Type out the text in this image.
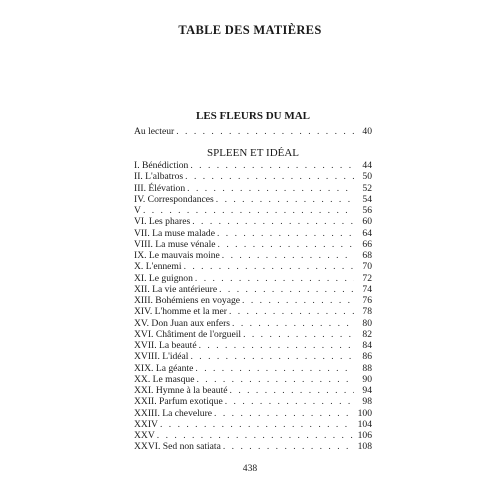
TABLE DES MATIÈRES
LES FLEURS DU MAL
Au lecteur . . .	40
SPLEEN ET IDÉAL
I. Bénédiction . . .	44
II. L'albatros . . .	50
III. Élévation . . .	52
IV. Correspondances . . .	54
V . . .	56
VI. Les phares . . .	60
VII. La muse malade . . .	64
VIII. La muse vénale . . .	66
IX. Le mauvais moine . . .	68
X. L'ennemi . . .	70
XI. Le guignon . . .	72
XII. La vie antérieure . . .	74
XIII. Bohémiens en voyage . . .	76
XIV. L'homme et la mer . . .	78
XV. Don Juan aux enfers . . .	80
XVI. Châtiment de l'orgueil . . .	82
XVII. La beauté . . .	84
XVIII. L'idéal . . .	86
XIX. La géante . . .	88
XX. Le masque . . .	90
XXI. Hymne à la beauté . . .	94
XXII. Parfum exotique . . .	98
XXIII. La chevelure . . .	100
XXIV . . .	104
XXV . . .	106
XXVI. Sed non satiata . . .	108
438
